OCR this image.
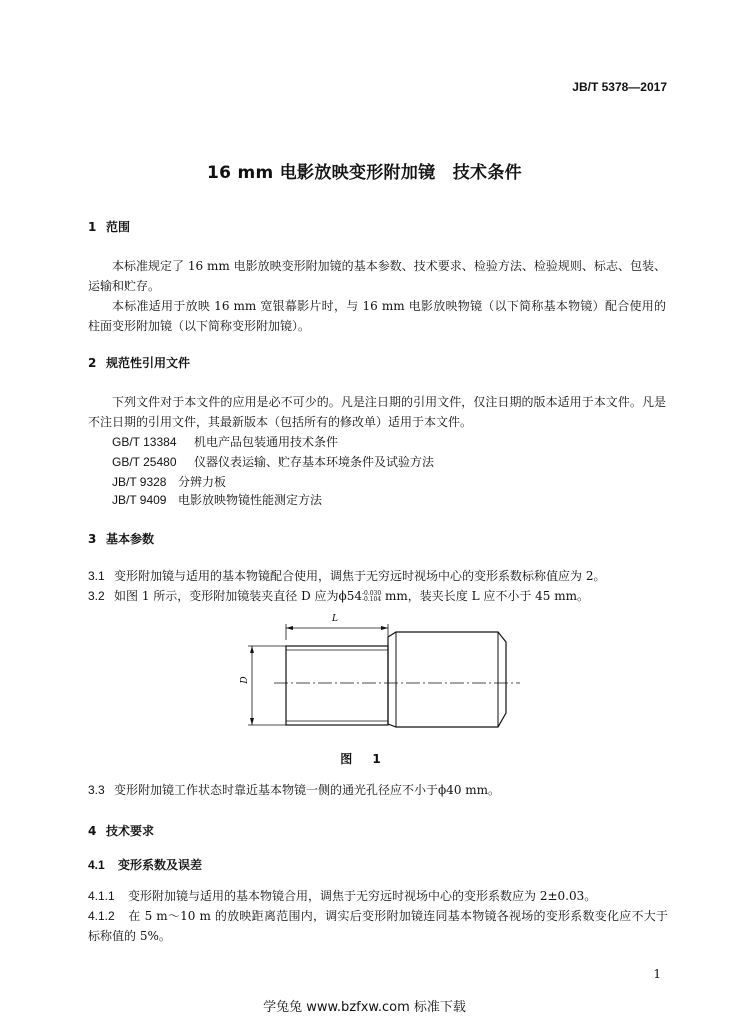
JB/T 5378—2017
16 mm 电影放映变形附加镜　技术条件
1 范围
本标准规定了 16 mm 电影放映变形附加镜的基本参数、技术要求、检验方法、检验规则、标志、包装、运输和贮存。
本标准适用于放映 16 mm 宽银幕影片时，与 16 mm 电影放映物镜（以下简称基本物镜）配合使用的柱面变形附加镜（以下简称变形附加镜）。
2 规范性引用文件
下列文件对于本文件的应用是必不可少的。凡是注日期的引用文件，仅注日期的版本适用于本文件。凡是不注日期的引用文件，其最新版本（包括所有的修改单）适用于本文件。
GB/T 13384 机电产品包装通用技术条件
GB/T 25480 仪器仪表运输、贮存基本环境条件及试验方法
JB/T 9328 分辨力板
JB/T 9409 电影放映物镜性能测定方法
3 基本参数
3.1 变形附加镜与适用的基本物镜配合使用，调焦于无穷远时视场中心的变形系数标称值应为 2。
3.2 如图 1 所示，变形附加镜装夹直径 D 应为ϕ54-0.030
-0.104 mm，装夹长度 L 应不小于 45 mm。
L
D
图 1
3.3 变形附加镜工作状态时靠近基本物镜一侧的通光孔径应不小于ϕ40 mm。
4 技术要求
4.1 变形系数及误差
4.1.1 变形附加镜与适用的基本物镜合用，调焦于无穷远时视场中心的变形系数应为 2±0.03。
4.1.2 在 5 m～10 m 的放映距离范围内，调实后变形附加镜连同基本物镜各视场的变形系数变化应不大于标称值的 5%。
1
学兔兔 www.bzfxw.com 标准下载
